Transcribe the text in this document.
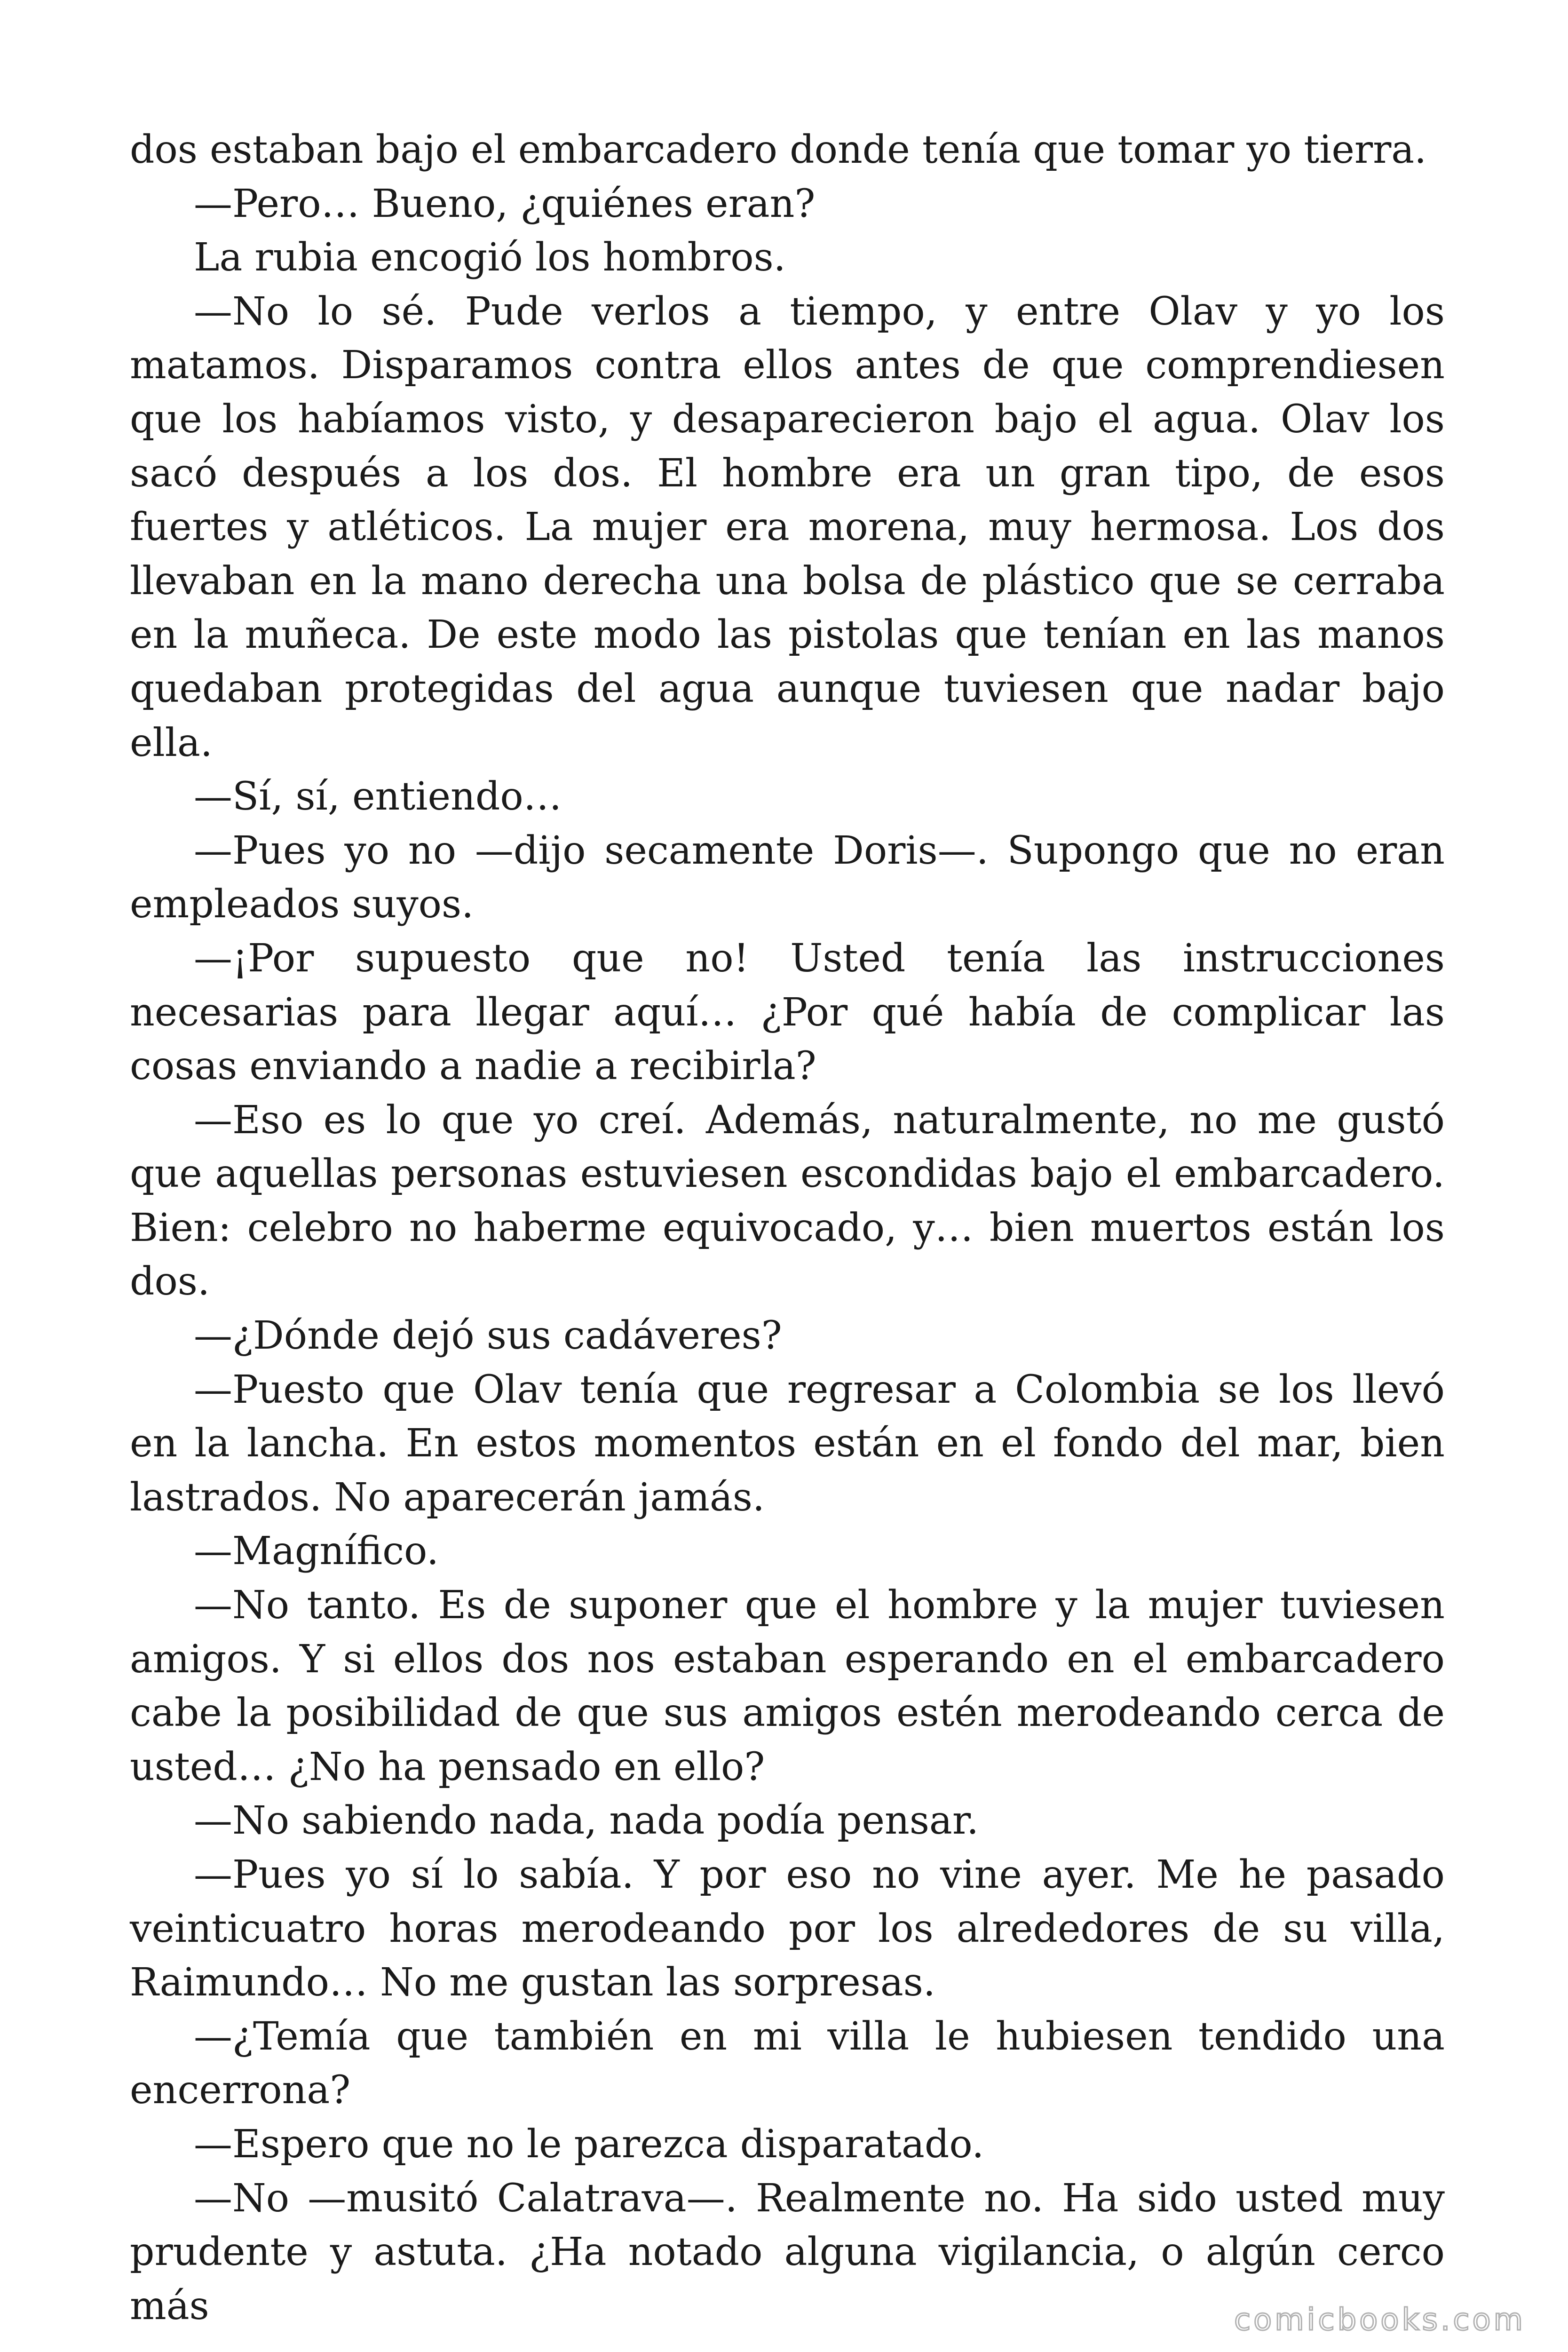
dos estaban bajo el embarcadero donde tenía que tomar yo tierra.

—Pero… Bueno, ¿quiénes eran?

La rubia encogió los hombros.

—No lo sé. Pude verlos a tiempo, y entre Olav y yo los matamos. Disparamos contra ellos antes de que comprendiesen que los habíamos visto, y desaparecieron bajo el agua. Olav los sacó después a los dos. El hombre era un gran tipo, de esos fuertes y atléticos. La mujer era morena, muy hermosa. Los dos llevaban en la mano derecha una bolsa de plástico que se cerraba en la muñeca. De este modo las pistolas que tenían en las manos quedaban protegidas del agua aunque tuviesen que nadar bajo ella.

—Sí, sí, entiendo…

—Pues yo no —dijo secamente Doris—. Supongo que no eran empleados suyos.

—¡Por supuesto que no! Usted tenía las instrucciones necesarias para llegar aquí… ¿Por qué había de complicar las cosas enviando a nadie a recibirla?

—Eso es lo que yo creí. Además, naturalmente, no me gustó que aquellas personas estuviesen escondidas bajo el embarcadero. Bien: celebro no haberme equivocado, y… bien muertos están los dos.

—¿Dónde dejó sus cadáveres?

—Puesto que Olav tenía que regresar a Colombia se los llevó en la lancha. En estos momentos están en el fondo del mar, bien lastrados. No aparecerán jamás.

—Magnífico.

—No tanto. Es de suponer que el hombre y la mujer tuviesen amigos. Y si ellos dos nos estaban esperando en el embarcadero cabe la posibilidad de que sus amigos estén merodeando cerca de usted… ¿No ha pensado en ello?

—No sabiendo nada, nada podía pensar.

—Pues yo sí lo sabía. Y por eso no vine ayer. Me he pasado veinticuatro horas merodeando por los alrededores de su villa, Raimundo… No me gustan las sorpresas.

—¿Temía que también en mi villa le hubiesen tendido una encerrona?

—Espero que no le parezca disparatado.

—No —musitó Calatrava—. Realmente no. Ha sido usted muy prudente y astuta. ¿Ha notado alguna vigilancia, o algún cerco más	comicbooks.com
